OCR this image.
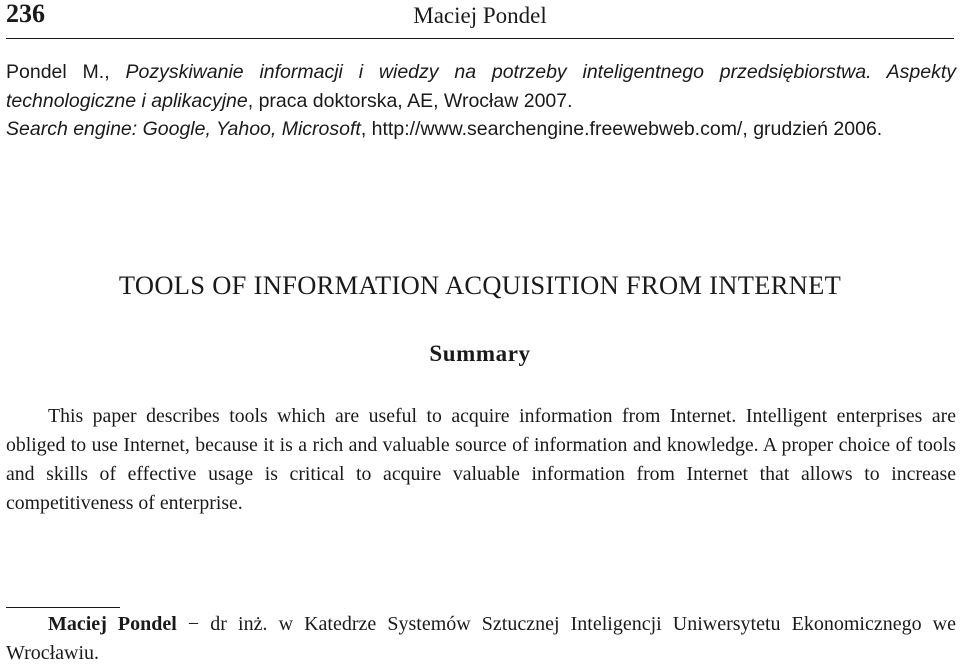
236	Maciej Pondel

Pondel M., Pozyskiwanie informacji i wiedzy na potrzeby inteligentnego przedsiębiorstwa. Aspekty technologiczne i aplikacyjne, praca doktorska, AE, Wrocław 2007.

Search engine: Google, Yahoo, Microsoft, http://www.searchengine.freewebweb.com/, grudzień 2006.

TOOLS OF INFORMATION ACQUISITION FROM INTERNET
Summary

This paper describes tools which are useful to acquire information from Internet. Intelligent enterprises are obliged to use Internet, because it is a rich and valuable source of information and knowledge. A proper choice of tools and skills of effective usage is critical to acquire valuable information from Internet that allows to increase competitiveness of enterprise.

Maciej Pondel − dr inż. w Katedrze Systemów Sztucznej Inteligencji Uniwersytetu Ekonomicznego we Wrocławiu.
